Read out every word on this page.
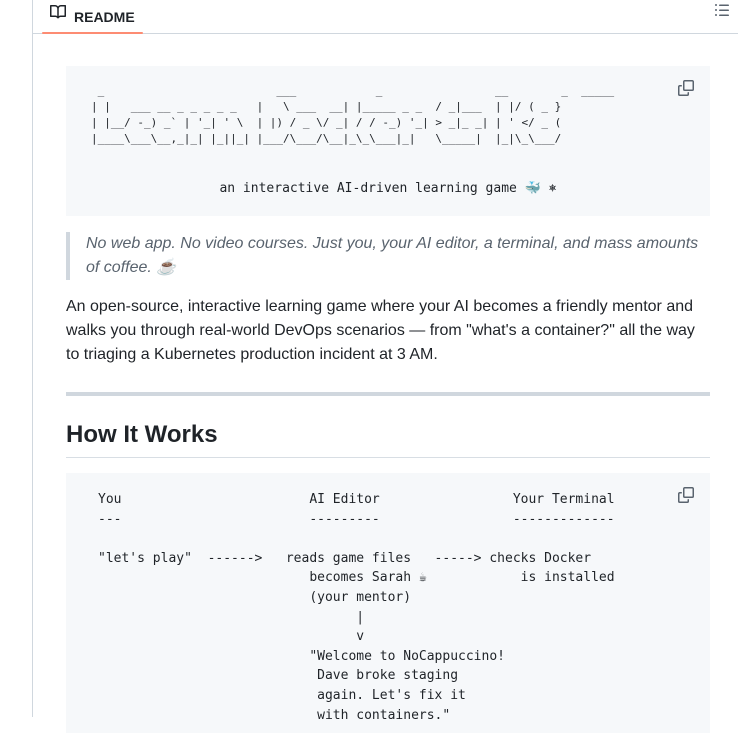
README
_                          ___            _                 __        _  _____
| |   ___ __ _ _ _ _ _   |   \ ___  __| |_____ _ _  / _|___  | |/ ( _ }
| |__/ -_) _` | '_| ' \  | |) / _ \/ _| / / -_) '_| > _|_ _| | ' </ _ (
|____\___\__,_|_| |_||_| |___/\___/\__|_\_\___|_|   \_____|  |_|\_\___/
an interactive AI-driven learning game 🐳 ⎈
No web app. No video courses. Just you, your AI editor, a terminal, and mass amounts of coffee. ☕
An open-source, interactive learning game where your AI becomes a friendly mentor and walks you through real-world DevOps scenarios — from "what's a container?" all the way to triaging a Kubernetes production incident at 3 AM.
How It Works
You                        AI Editor                 Your Terminal
---                        ---------                 -------------

"let's play"  ------>   reads game files   -----> checks Docker
becomes Sarah ☕            is installed
(your mentor)
|
v
"Welcome to NoCappuccino!
Dave broke staging
again. Let's fix it
with containers."
